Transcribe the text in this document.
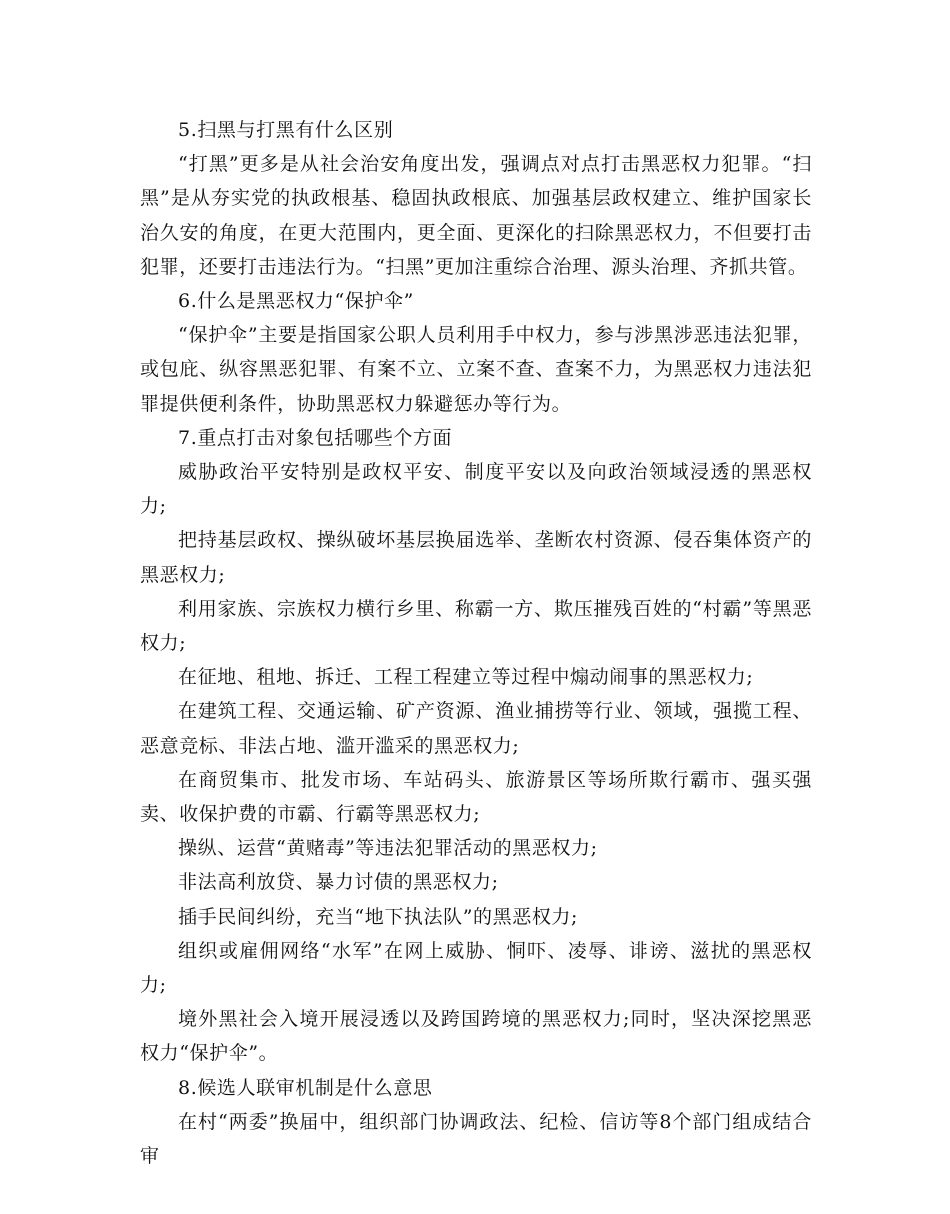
5.扫黑与打黑有什么区别

“打黑”更多是从社会治安角度出发，强调点对点打击黑恶权力犯罪。“扫黑”是从夯实党的执政根基、稳固执政根底、加强基层政权建立、维护国家长治久安的角度，在更大范围内，更全面、更深化的扫除黑恶权力，不但要打击犯罪，还要打击违法行为。“扫黑”更加注重综合治理、源头治理、齐抓共管。

6.什么是黑恶权力“保护伞”

“保护伞”主要是指国家公职人员利用手中权力，参与涉黑涉恶违法犯罪，或包庇、纵容黑恶犯罪、有案不立、立案不查、查案不力，为黑恶权力违法犯罪提供便利条件，协助黑恶权力躲避惩办等行为。

7.重点打击对象包括哪些个方面

威胁政治平安特别是政权平安、制度平安以及向政治领域浸透的黑恶权力;

把持基层政权、操纵破坏基层换届选举、垄断农村资源、侵吞集体资产的黑恶权力;

利用家族、宗族权力横行乡里、称霸一方、欺压摧残百姓的“村霸”等黑恶权力;

在征地、租地、拆迁、工程工程建立等过程中煽动闹事的黑恶权力;

在建筑工程、交通运输、矿产资源、渔业捕捞等行业、领域，强揽工程、恶意竞标、非法占地、滥开滥采的黑恶权力;

在商贸集市、批发市场、车站码头、旅游景区等场所欺行霸市、强买强卖、收保护费的市霸、行霸等黑恶权力;

操纵、运营“黄赌毒”等违法犯罪活动的黑恶权力;

非法高利放贷、暴力讨债的黑恶权力;

插手民间纠纷，充当“地下执法队”的黑恶权力;

组织或雇佣网络“水军”在网上威胁、恫吓、凌辱、诽谤、滋扰的黑恶权力;

境外黑社会入境开展浸透以及跨国跨境的黑恶权力;同时，坚决深挖黑恶权力“保护伞”。

8.候选人联审机制是什么意思

在村“两委”换届中，组织部门协调政法、纪检、信访等8个部门组成结合审
